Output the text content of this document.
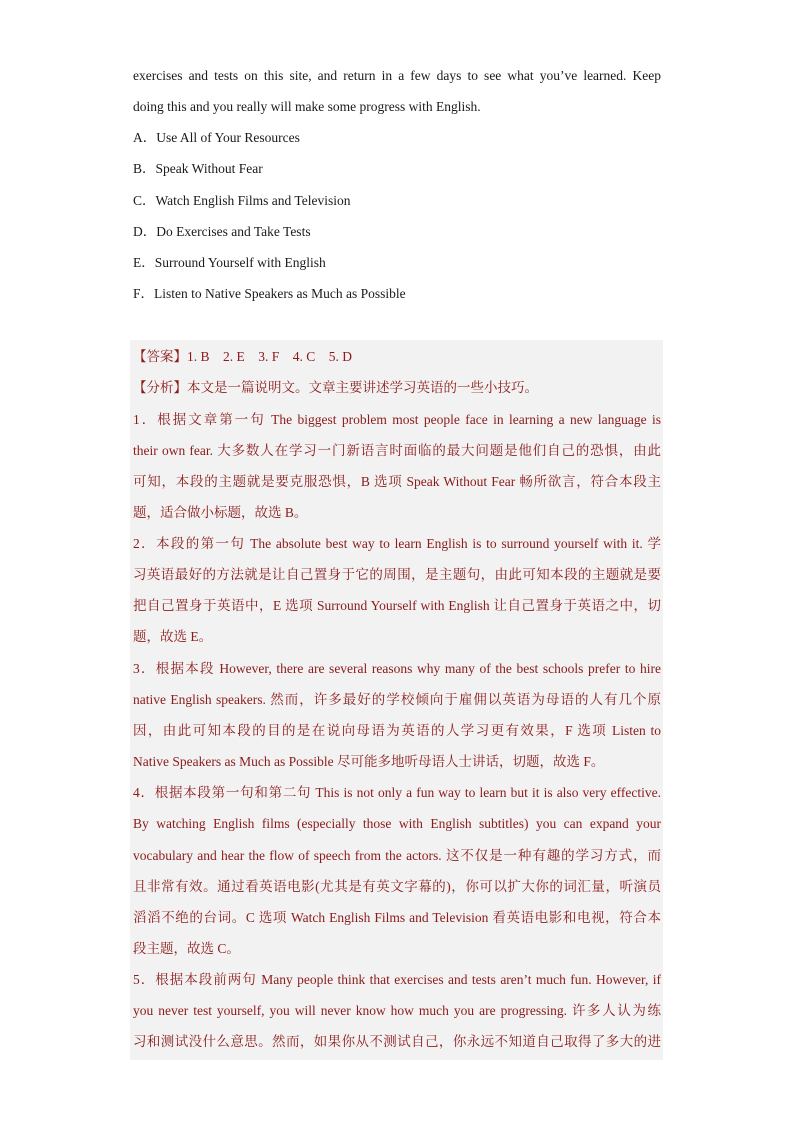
exercises and tests on this site, and return in a few days to see what you’ve learned. Keep
doing this and you really will make some progress with English.
A．Use All of Your Resources
B．Speak Without Fear
C．Watch English Films and Television
D．Do Exercises and Take Tests
E．Surround Yourself with English
F．Listen to Native Speakers as Much as Possible
【答案】1. B　2. E　3. F　4. C　5. D
【分析】本文是一篇说明文。文章主要讲述学习英语的一些小技巧。
1．根据文章第一句 The biggest problem most people face in learning a new language is
their own fear. 大多数人在学习一门新语言时面临的最大问题是他们自己的恐惧，由此
可知，本段的主题就是要克服恐惧，B 选项 Speak Without Fear 畅所欲言，符合本段主
题，适合做小标题，故选 B。
2．本段的第一句 The absolute best way to learn English is to surround yourself with it. 学
习英语最好的方法就是让自己置身于它的周围，是主题句，由此可知本段的主题就是要
把自己置身于英语中，E 选项 Surround Yourself with English 让自己置身于英语之中，切
题，故选 E。
3．根据本段 However, there are several reasons why many of the best schools prefer to hire
native English speakers. 然而，许多最好的学校倾向于雇佣以英语为母语的人有几个原
因，由此可知本段的目的是在说向母语为英语的人学习更有效果，F 选项 Listen to
Native Speakers as Much as Possible 尽可能多地听母语人士讲话，切题，故选 F。
4．根据本段第一句和第二句 This is not only a fun way to learn but it is also very effective.
By watching English films (especially those with English subtitles) you can expand your
vocabulary and hear the flow of speech from the actors. 这不仅是一种有趣的学习方式，而
且非常有效。通过看英语电影(尤其是有英文字幕的)，你可以扩大你的词汇量，听演员
滔滔不绝的台词。C 选项 Watch English Films and Television 看英语电影和电视，符合本
段主题，故选 C。
5．根据本段前两句 Many people think that exercises and tests aren’t much fun. However, if
you never test yourself, you will never know how much you are progressing. 许多人认为练
习和测试没什么意思。然而，如果你从不测试自己，你永远不知道自己取得了多大的进
